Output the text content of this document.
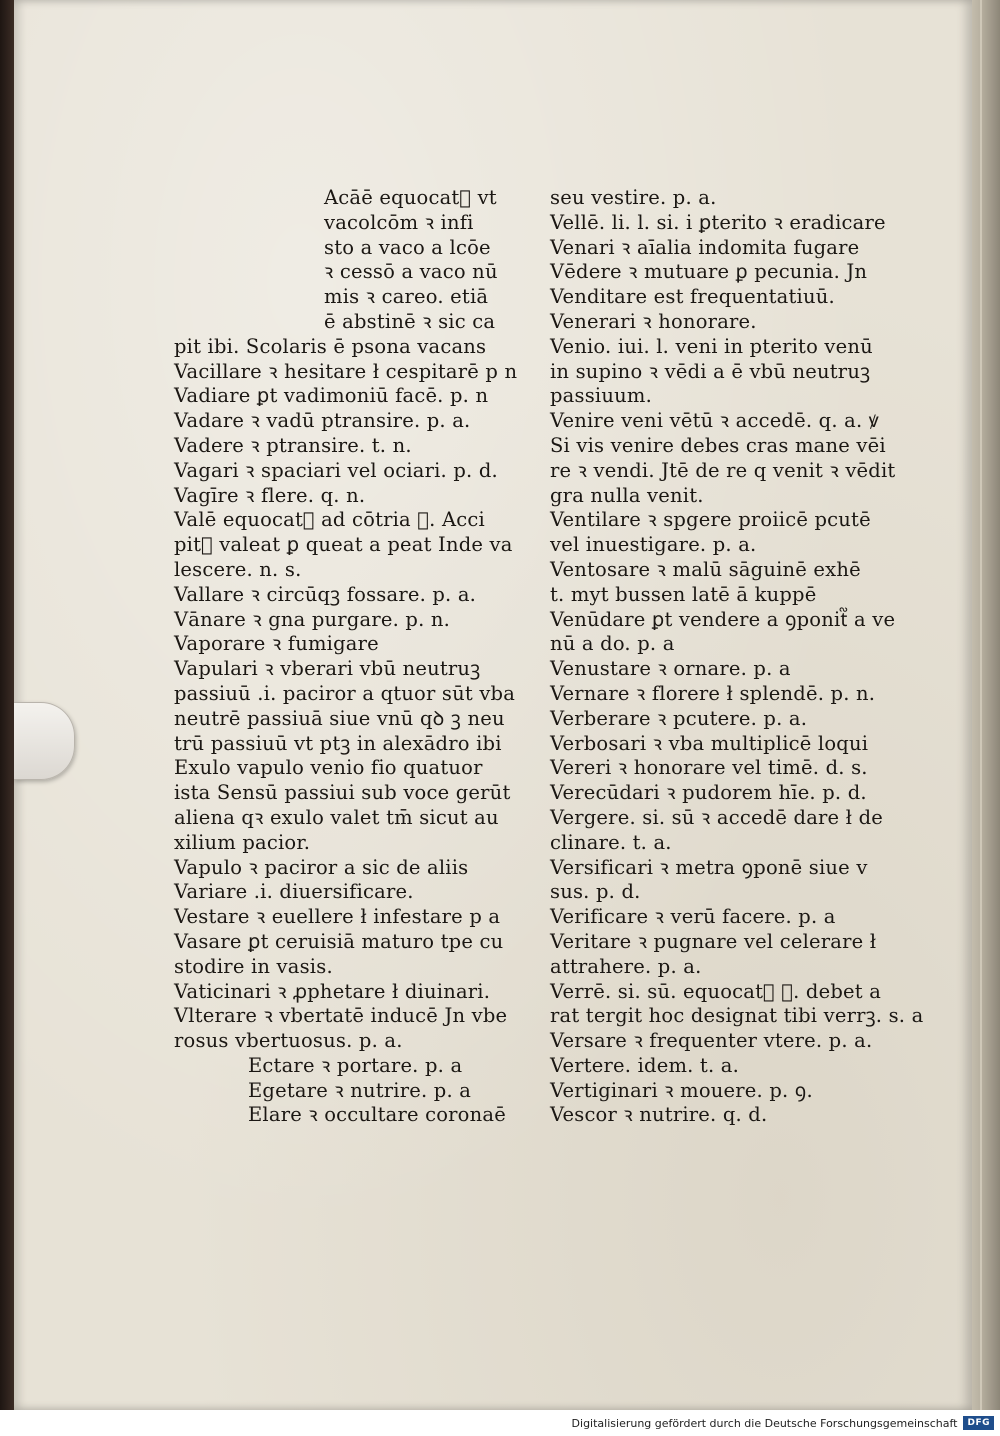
Acāē equocat᷑ vt
vacolcōm ꝛ infi
sto a vaco a lcōe
ꝛ cessō a vaco nū
mis ꝛ careo. etiā
ē abstinē ꝛ sic ca
pit ibi. Scolaris ē psona vacans
Vacillare ꝛ hesitare ł cespitarē p n
Vadiare ꝑt vadimoniū facē. p. n
Vadare ꝛ vadū ptransire. p. a.
Vadere ꝛ ptransire. t. n.
Vagari ꝛ spaciari vel ociari. p. d.
Vagīre ꝛ flere. q. n.
Valē equocat᷑ ad cōtria ꝟ. Acci
pit᷑ valeat ꝑ queat a peat Inde va
lescere. n. s.
Vallare ꝛ circūqꝫ fossare. p. a.
Vānare ꝛ gna purgare. p. n.
Vaporare ꝛ fumigare
Vapulari ꝛ vberari vbū neutruꝫ
passiuū .i. paciror a qtuor sūt vba
neutrē passiuā siue vnū qꝺ ꝫ neu
trū passiuū vt ptꝫ in alexādro ibi
Exulo vapulo venio fio quatuor
ista Sensū passiui sub voce gerūt
aliena qꝛ exulo valet tm̄ sicut au
xilium pacior.
Vapulo ꝛ paciror a sic de aliis
Variare .i. diuersificare.
Vestare ꝛ euellere ł infestare p a
Vasare ꝑt ceruisiā maturo tpe cu
stodire in vasis.
Vaticinari ꝛ ꝓphetare ł diuinari.
Vlterare ꝛ vbertatē inducē Jn vbe
rosus vbertuosus. p. a.
Ectare ꝛ portare. p. a
Egetare ꝛ nutrire. p. a
Elare ꝛ occultare coronaē
seu vestire. p. a.
Vellē. li. l. si. i ꝑterito ꝛ eradicare
Venari ꝛ aīalia indomita fugare
Vēdere ꝛ mutuare ꝑ pecunia. Jn
Venditare est frequentatiuū.
Venerari ꝛ honorare.
Venio. iui. l. veni in pterito venū
in supino ꝛ vēdi a ē vbū neutruꝫ
passiuum.
Venire veni vētū ꝛ accedē. q. a. ꝟ
Si vis venire debes cras mane vēi
re ꝛ vendi. Jtē de re q venit ꝛ vēdit
gra nulla venit.
Ventilare ꝛ spgere proiicē pcutē
vel inuestigare. p. a.
Ventosare ꝛ malū sāguinē exhē
t. myt bussen latē ā kuppē
Venūdare ꝑt vendere a ꝯponit᷑ a ve
nū a do. p. a
Venustare ꝛ ornare. p. a
Vernare ꝛ florere ł splendē. p. n.
Verberare ꝛ pcutere. p. a.
Verbosari ꝛ vba multiplicē loqui
Vereri ꝛ honorare vel timē. d. s.
Verecūdari ꝛ pudorem hīe. p. d.
Vergere. si. sū ꝛ accedē dare ł de
clinare. t. a.
Versificari ꝛ metra ꝯponē siue v
sus. p. d.
Verificare ꝛ verū facere. p. a
Veritare ꝛ pugnare vel celerare ł
attrahere. p. a.
Verrē. si. sū. equocat᷑ ꝟ. debet a
rat tergit hoc designat tibi verrꝫ. s. a
Versare ꝛ frequenter vtere. p. a.
Vertere. idem. t. a.
Vertiginari ꝛ mouere. p. ꝯ.
Vescor ꝛ nutrire. q. d.
Digitalisierung gefördert durch die Deutsche Forschungsgemeinschaft	DFG
